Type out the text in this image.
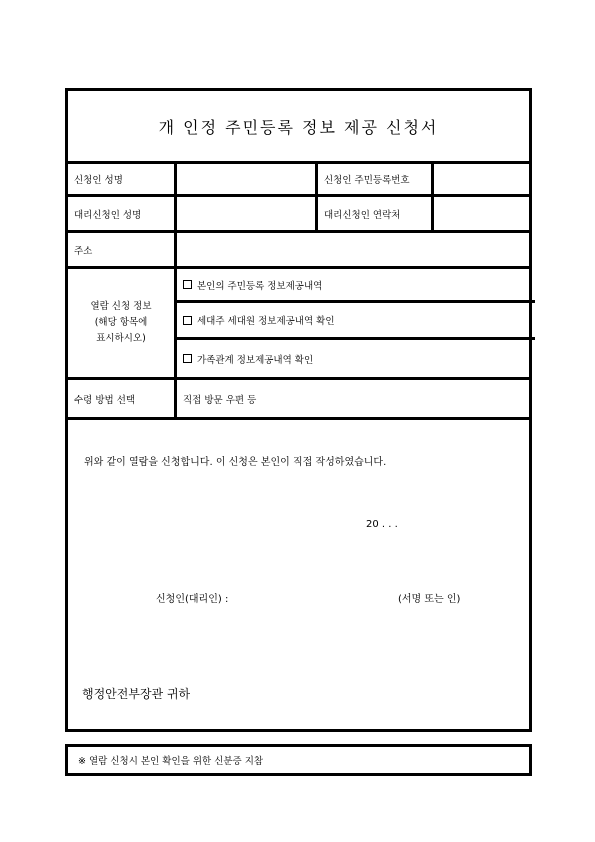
개 인정 주민등록 정보 제공 신청서
신청인 성명	신청인 주민등록번호
대리신청인 성명	대리신청인 연락처
주소
열람 신청 정보
(해당 항목에
표시하시오)
본인의 주민등록 정보제공내역
세대주 세대원 정보제공내역 확인
가족관계 정보제공내역 확인
수령 방법 선택	직접 방문 우편 등
위와 같이 열람을 신청합니다. 이 신청은 본인이 직접 작성하였습니다.
20 . . .
신청인(대리인) :	(서명 또는 인)
행정안전부장관 귀하
※ 열람 신청시 본인 확인을 위한 신분증 지참
